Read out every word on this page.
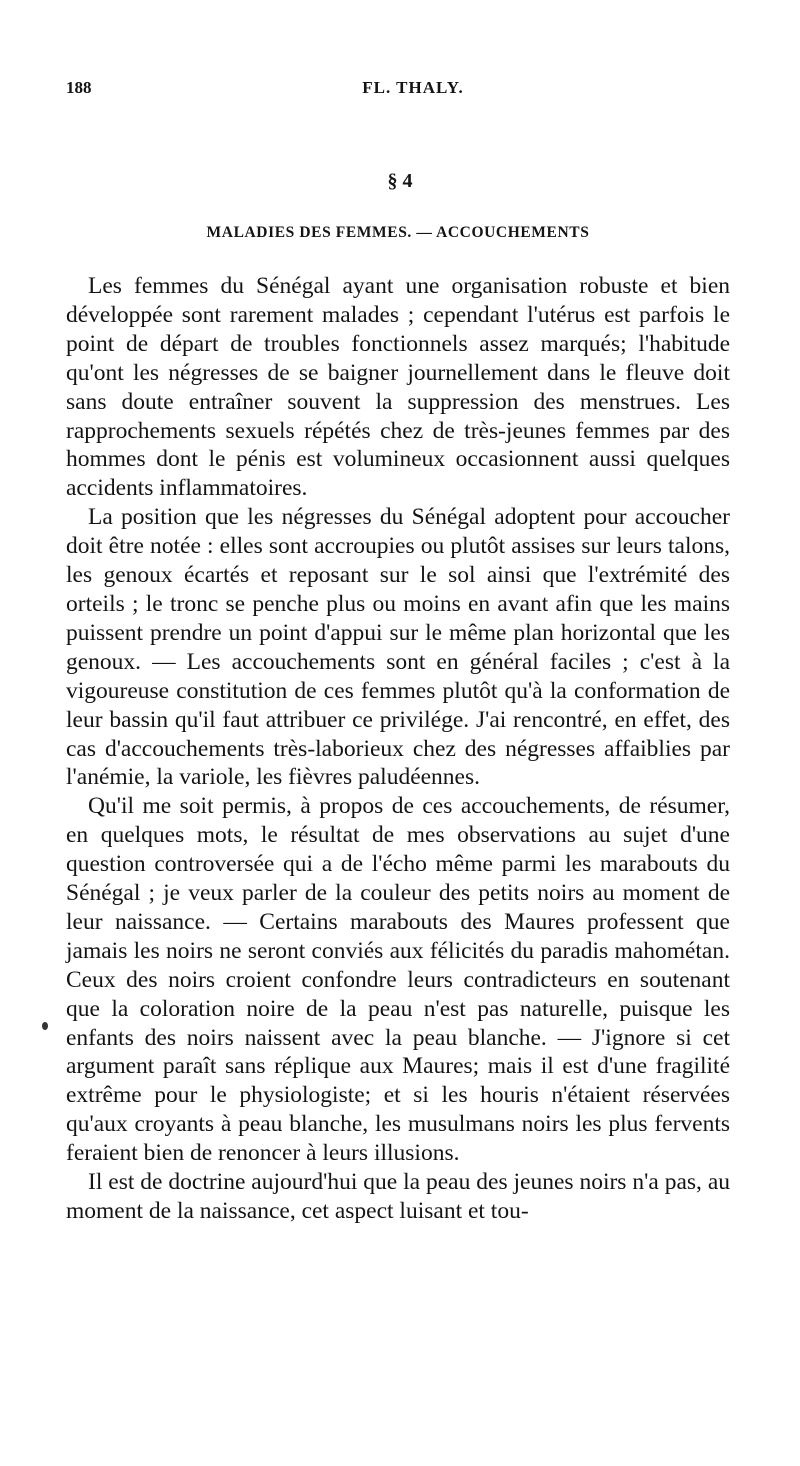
188	FL. THALY.
§ 4
MALADIES DES FEMMES. — ACCOUCHEMENTS

Les femmes du Sénégal ayant une organisation robuste et bien développée sont rarement malades ; cependant l'utérus est parfois le point de départ de troubles fonctionnels assez marqués; l'habitude qu'ont les négresses de se baigner journellement dans le fleuve doit sans doute entraîner souvent la suppression des menstrues. Les rapprochements sexuels répétés chez de très-jeunes femmes par des hommes dont le pénis est volumineux occasionnent aussi quelques accidents inflammatoires.

La position que les négresses du Sénégal adoptent pour accoucher doit être notée : elles sont accroupies ou plutôt assises sur leurs talons, les genoux écartés et reposant sur le sol ainsi que l'extrémité des orteils ; le tronc se penche plus ou moins en avant afin que les mains puissent prendre un point d'appui sur le même plan horizontal que les genoux. — Les accouchements sont en général faciles ; c'est à la vigoureuse constitution de ces femmes plutôt qu'à la conformation de leur bassin qu'il faut attribuer ce privilége. J'ai rencontré, en effet, des cas d'accouchements très-laborieux chez des négresses affaiblies par l'anémie, la variole, les fièvres paludéennes.

Qu'il me soit permis, à propos de ces accouchements, de résumer, en quelques mots, le résultat de mes observations au sujet d'une question controversée qui a de l'écho même parmi les marabouts du Sénégal ; je veux parler de la couleur des petits noirs au moment de leur naissance. — Certains marabouts des Maures professent que jamais les noirs ne seront conviés aux félicités du paradis mahométan. Ceux des noirs croient confondre leurs contradicteurs en soutenant que la coloration noire de la peau n'est pas naturelle, puisque les enfants des noirs naissent avec la peau blanche. — J'ignore si cet argument paraît sans réplique aux Maures; mais il est d'une fragilité extrême pour le physiologiste; et si les houris n'étaient réservées qu'aux croyants à peau blanche, les musulmans noirs les plus fervents feraient bien de renoncer à leurs illusions.

Il est de doctrine aujourd'hui que la peau des jeunes noirs n'a pas, au moment de la naissance, cet aspect luisant et tou-
